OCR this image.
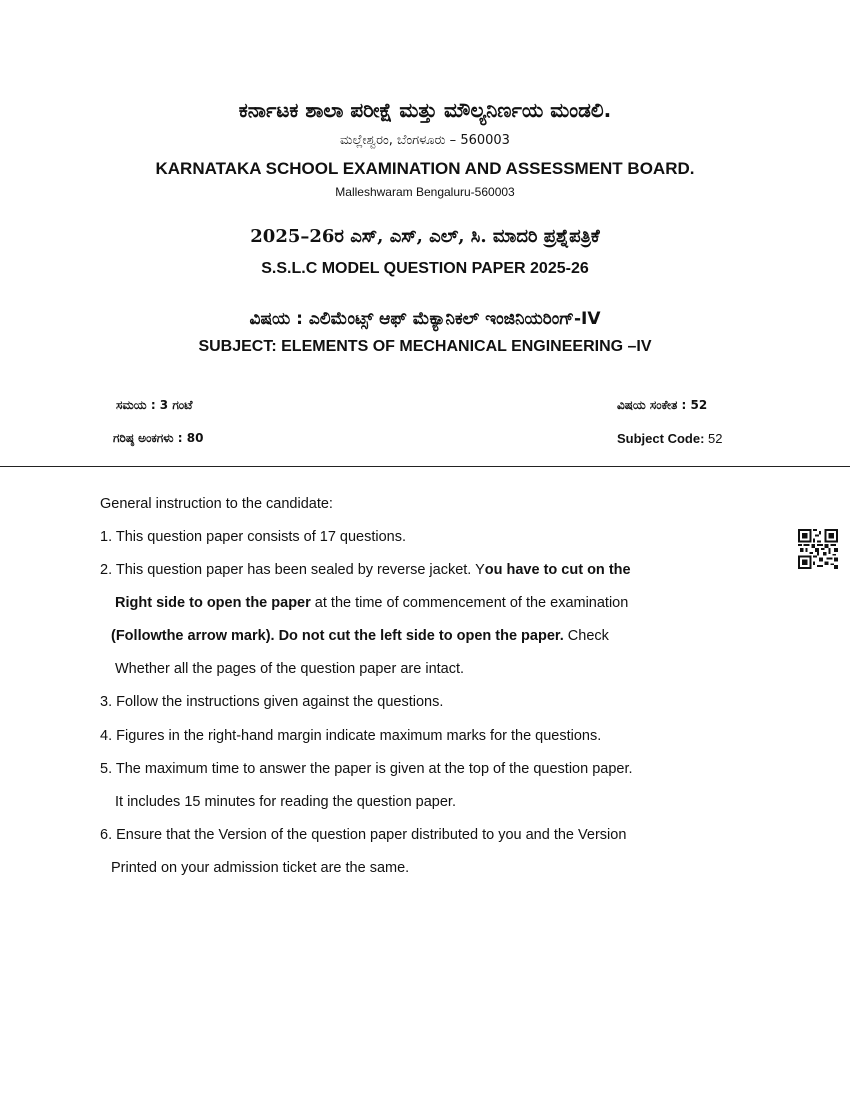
ಕರ್ನಾಟಕ ಶಾಲಾ ಪರೀಕ್ಷೆ ಮತ್ತು ಮೌಲ್ಯನಿರ್ಣಯ ಮಂಡಲಿ.
ಮಲ್ಲೇಶ್ವರಂ, ಬೆಂಗಳೂರು – 560003
KARNATAKA SCHOOL EXAMINATION AND ASSESSMENT BOARD.
Malleshwaram Bengaluru-560003
2025–26ರ ಎಸ್, ಎಸ್, ಎಲ್, ಸಿ. ಮಾದರಿ ಪ್ರಶ್ನೆಪತ್ರಿಕೆ
S.S.L.C MODEL QUESTION PAPER 2025-26
ವಿಷಯ : ಎಲಿಮೆಂಟ್ಸ್ ಆಫ್ ಮೆಕ್ಯಾನಿಕಲ್ ಇಂಜಿನಿಯರಿಂಗ್-IV
SUBJECT: ELEMENTS OF MECHANICAL ENGINEERING –IV
ಸಮಯ : 3 ಗಂಟೆ
ಗರಿಷ್ಠ ಅಂಕಗಳು : 80
ವಿಷಯ ಸಂಕೇತ : 52
Subject Code: 52
General instruction to the candidate:
1. This question paper consists of 17 questions.
2. This question paper has been sealed by reverse jacket. You have to cut on the
Right side to open the paper at the time of commencement of the examination
(Followthe arrow mark). Do not cut the left side to open the paper. Check
Whether all the pages of the question paper are intact.
3. Follow the instructions given against the questions.
4. Figures in the right-hand margin indicate maximum marks for the questions.
5. The maximum time to answer the paper is given at the top of the question paper.
It includes 15 minutes for reading the question paper.
6. Ensure that the Version of the question paper distributed to you and the Version
Printed on your admission ticket are the same.
